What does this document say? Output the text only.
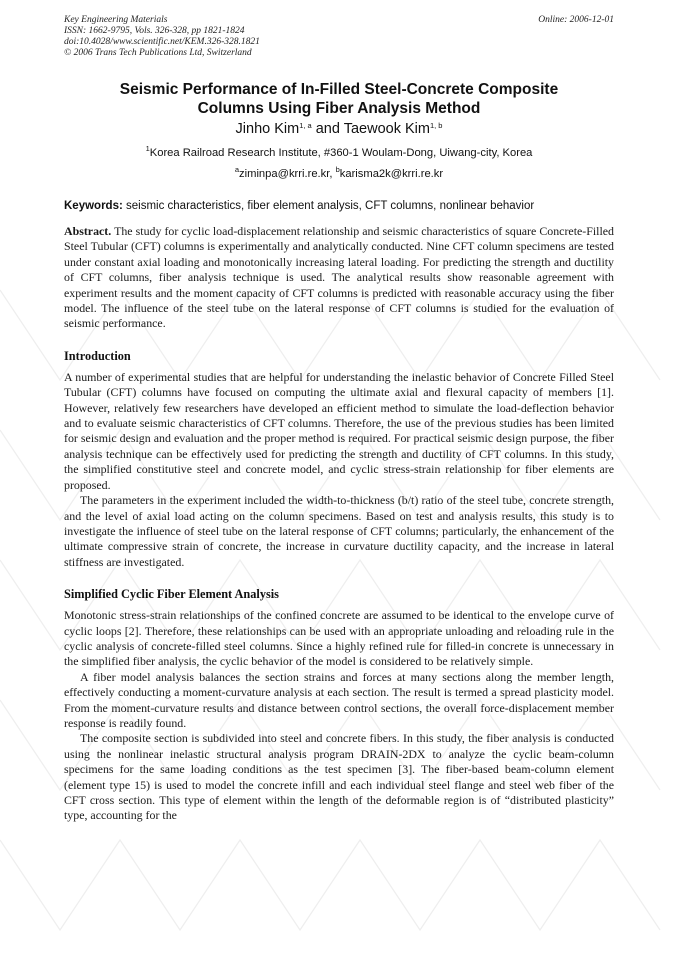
Key Engineering Materials
ISSN: 1662-9795, Vols. 326-328, pp 1821-1824
doi:10.4028/www.scientific.net/KEM.326-328.1821
© 2006 Trans Tech Publications Ltd, Switzerland
Online: 2006-12-01
Seismic Performance of In-Filled Steel-Concrete Composite
Columns Using Fiber Analysis Method
Jinho Kim$^{1, a}$ and Taewook Kim$^{1, b}$
$^1$Korea Railroad Research Institute, #360-1 Woulam-Dong, Uiwang-city, Korea
$^a$ziminpa@krri.re.kr, $^b$karisma2k@krri.re.kr
Keywords: seismic characteristics, fiber element analysis, CFT columns, nonlinear behavior
Abstract. The study for cyclic load-displacement relationship and seismic characteristics of square Concrete-Filled Steel Tubular (CFT) columns is experimentally and analytically conducted. Nine CFT column specimens are tested under constant axial loading and monotonically increasing lateral loading. For predicting the strength and ductility of CFT columns, fiber analysis technique is used. The analytical results show reasonable agreement with experiment results and the moment capacity of CFT columns is predicted with reasonable accuracy using the fiber model. The influence of the steel tube on the lateral response of CFT columns is studied for the evaluation of seismic performance.
Introduction

A number of experimental studies that are helpful for understanding the inelastic behavior of Concrete Filled Steel Tubular (CFT) columns have focused on computing the ultimate axial and flexural capacity of members [1]. However, relatively few researchers have developed an efficient method to simulate the load-deflection behavior and to evaluate seismic characteristics of CFT columns. Therefore, the use of the previous studies has been limited for seismic design and evaluation and the proper method is required. For practical seismic design purpose, the fiber analysis technique can be effectively used for predicting the strength and ductility of CFT columns. In this study, the simplified constitutive steel and concrete model, and cyclic stress-strain relationship for fiber elements are proposed.

The parameters in the experiment included the width-to-thickness (b/t) ratio of the steel tube, concrete strength, and the level of axial load acting on the column specimens. Based on test and analysis results, this study is to investigate the influence of steel tube on the lateral response of CFT columns; particularly, the enhancement of the ultimate compressive strain of concrete, the increase in curvature ductility capacity, and the increase in lateral stiffness are investigated.

Simplified Cyclic Fiber Element Analysis

Monotonic stress-strain relationships of the confined concrete are assumed to be identical to the envelope curve of cyclic loops [2]. Therefore, these relationships can be used with an appropriate unloading and reloading rule in the cyclic analysis of concrete-filled steel columns. Since a highly refined rule for filled-in concrete is unnecessary in the simplified fiber analysis, the cyclic behavior of the model is considered to be relatively simple.

A fiber model analysis balances the section strains and forces at many sections along the member length, effectively conducting a moment-curvature analysis at each section. The result is termed a spread plasticity model. From the moment-curvature results and distance between control sections, the overall force-displacement member response is readily found.

The composite section is subdivided into steel and concrete fibers. In this study, the fiber analysis is conducted using the nonlinear inelastic structural analysis program DRAIN-2DX to analyze the cyclic beam-column specimens for the same loading conditions as the test specimen [3]. The fiber-based beam-column element (element type 15) is used to model the concrete infill and each individual steel flange and steel web fiber of the CFT cross section. This type of element within the length of the deformable region is of “distributed plasticity” type, accounting for the
